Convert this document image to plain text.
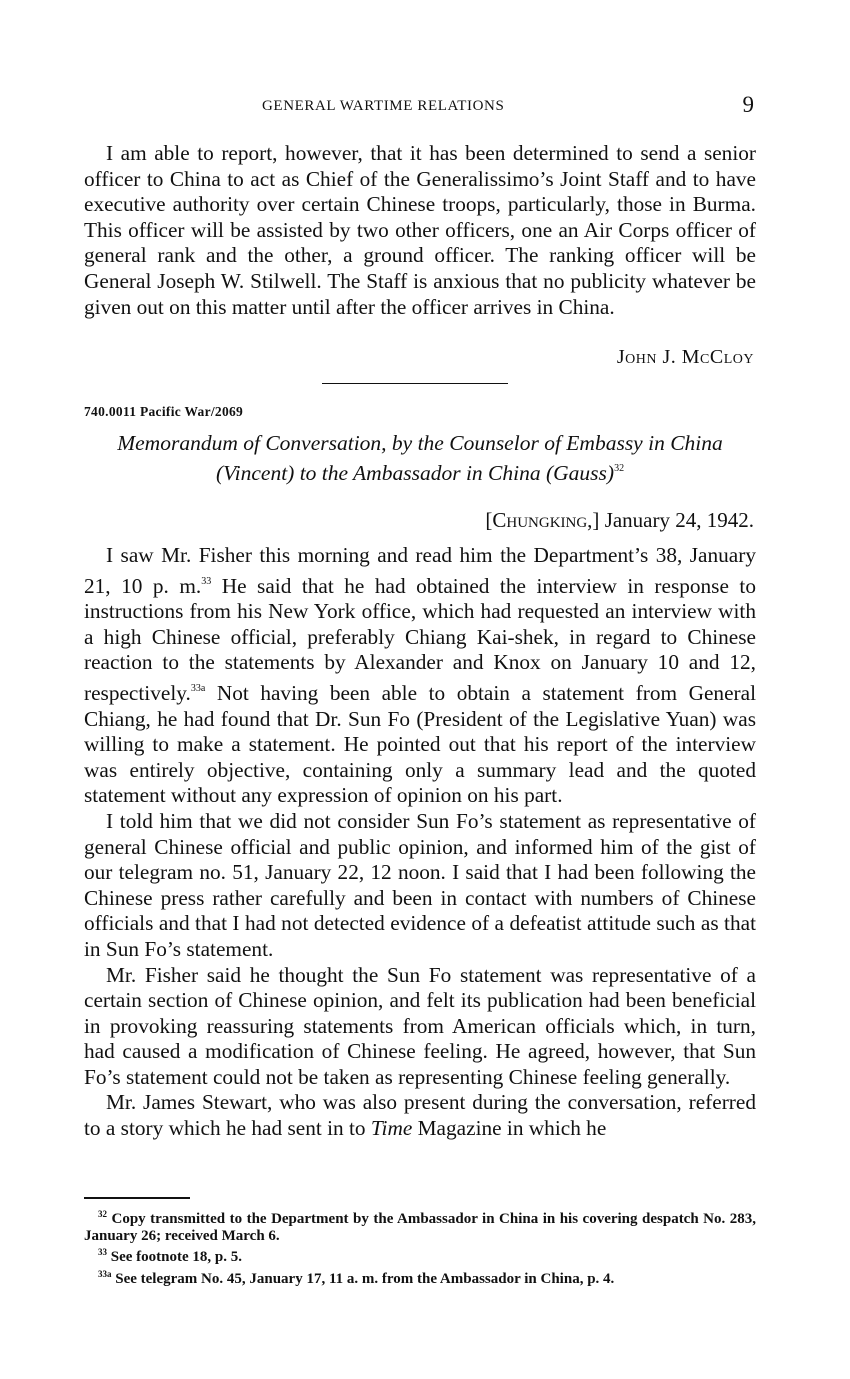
GENERAL WARTIME RELATIONS	9

I am able to report, however, that it has been determined to send a senior officer to China to act as Chief of the Generalissimo’s Joint Staff and to have executive authority over certain Chinese troops, particularly, those in Burma. This officer will be assisted by two other officers, one an Air Corps officer of general rank and the other, a ground officer. The ranking officer will be General Joseph W. Stilwell. The Staff is anxious that no publicity whatever be given out on this matter until after the officer arrives in China.

John J. McCloy
740.0011 Pacific War/2069
Memorandum of Conversation, by the Counselor of Embassy in China (Vincent) to the Ambassador in China (Gauss)$^{32}$
[Chungking,] January 24, 1942.

I saw Mr. Fisher this morning and read him the Department’s 38, January 21, 10 p. m.$^{33}$ He said that he had obtained the interview in response to instructions from his New York office, which had requested an interview with a high Chinese official, preferably Chiang Kai-shek, in regard to Chinese reaction to the statements by Alexander and Knox on January 10 and 12, respectively.$^{33a}$ Not having been able to obtain a statement from General Chiang, he had found that Dr. Sun Fo (President of the Legislative Yuan) was willing to make a statement. He pointed out that his report of the interview was entirely objective, containing only a summary lead and the quoted statement without any expression of opinion on his part.

I told him that we did not consider Sun Fo’s statement as representative of general Chinese official and public opinion, and informed him of the gist of our telegram no. 51, January 22, 12 noon. I said that I had been following the Chinese press rather carefully and been in contact with numbers of Chinese officials and that I had not detected evidence of a defeatist attitude such as that in Sun Fo’s statement.

Mr. Fisher said he thought the Sun Fo statement was representative of a certain section of Chinese opinion, and felt its publication had been beneficial in provoking reassuring statements from American officials which, in turn, had caused a modification of Chinese feeling. He agreed, however, that Sun Fo’s statement could not be taken as representing Chinese feeling generally.

Mr. James Stewart, who was also present during the conversation, referred to a story which he had sent in to Time Magazine in which he

$^{32}$ Copy transmitted to the Department by the Ambassador in China in his covering despatch No. 283, January 26; received March 6.

$^{33}$ See footnote 18, p. 5.

$^{33a}$ See telegram No. 45, January 17, 11 a. m. from the Ambassador in China, p. 4.
